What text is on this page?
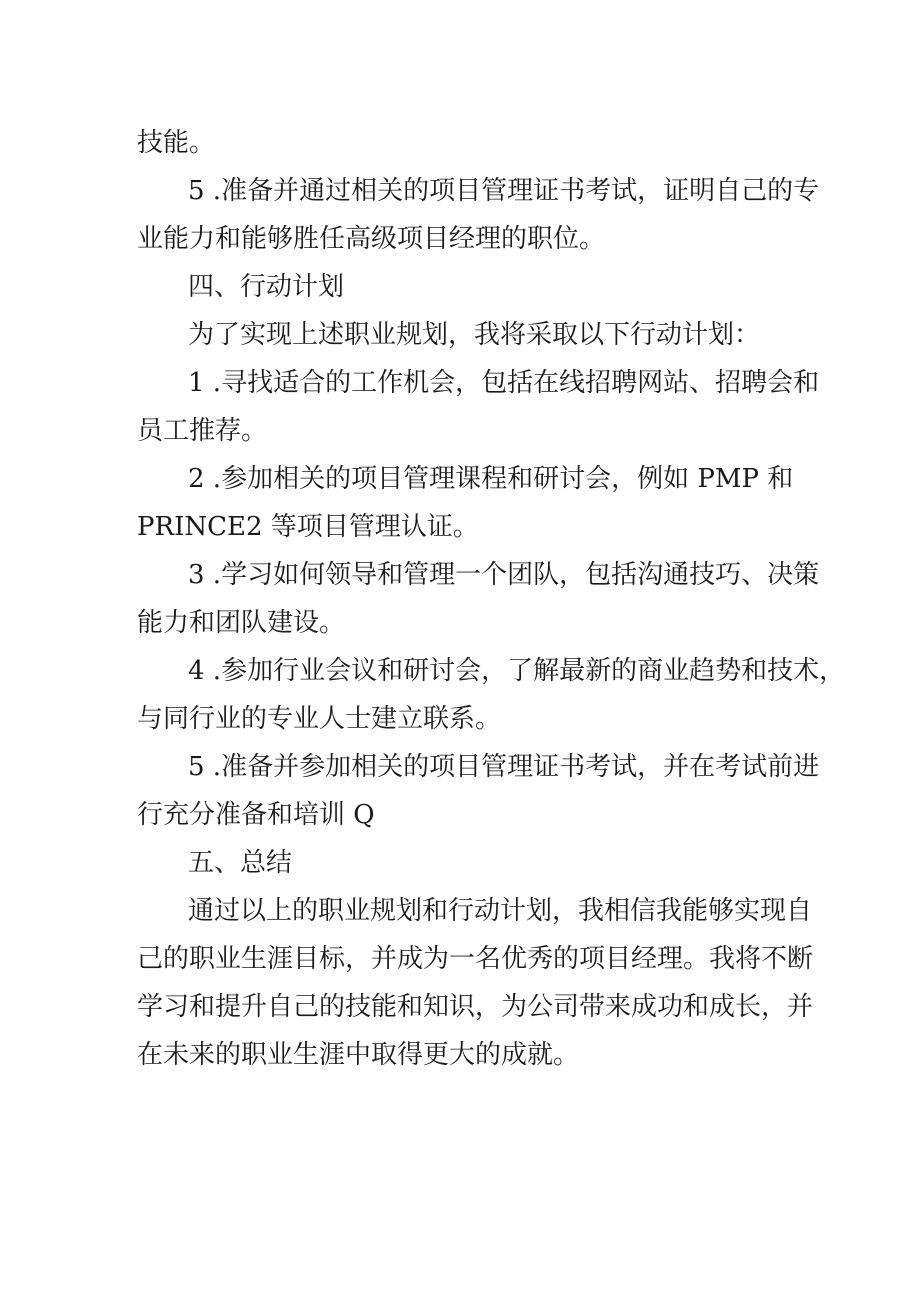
技能。
5 .准备并通过相关的项目管理证书考试，证明自己的专
业能力和能够胜任高级项目经理的职位。
四、行动计划
为了实现上述职业规划，我将采取以下行动计划：
1 .寻找适合的工作机会，包括在线招聘网站、招聘会和
员工推荐。
2 .参加相关的项目管理课程和研讨会，例如 PMP 和
PRINCE2 等项目管理认证。
3 .学习如何领导和管理一个团队，包括沟通技巧、决策
能力和团队建设。
4 .参加行业会议和研讨会，了解最新的商业趋势和技术，
与同行业的专业人士建立联系。
5 .准备并参加相关的项目管理证书考试，并在考试前进
行充分准备和培训 Q
五、总结
通过以上的职业规划和行动计划，我相信我能够实现自
己的职业生涯目标，并成为一名优秀的项目经理。我将不断
学习和提升自己的技能和知识，为公司带来成功和成长，并
在未来的职业生涯中取得更大的成就。
